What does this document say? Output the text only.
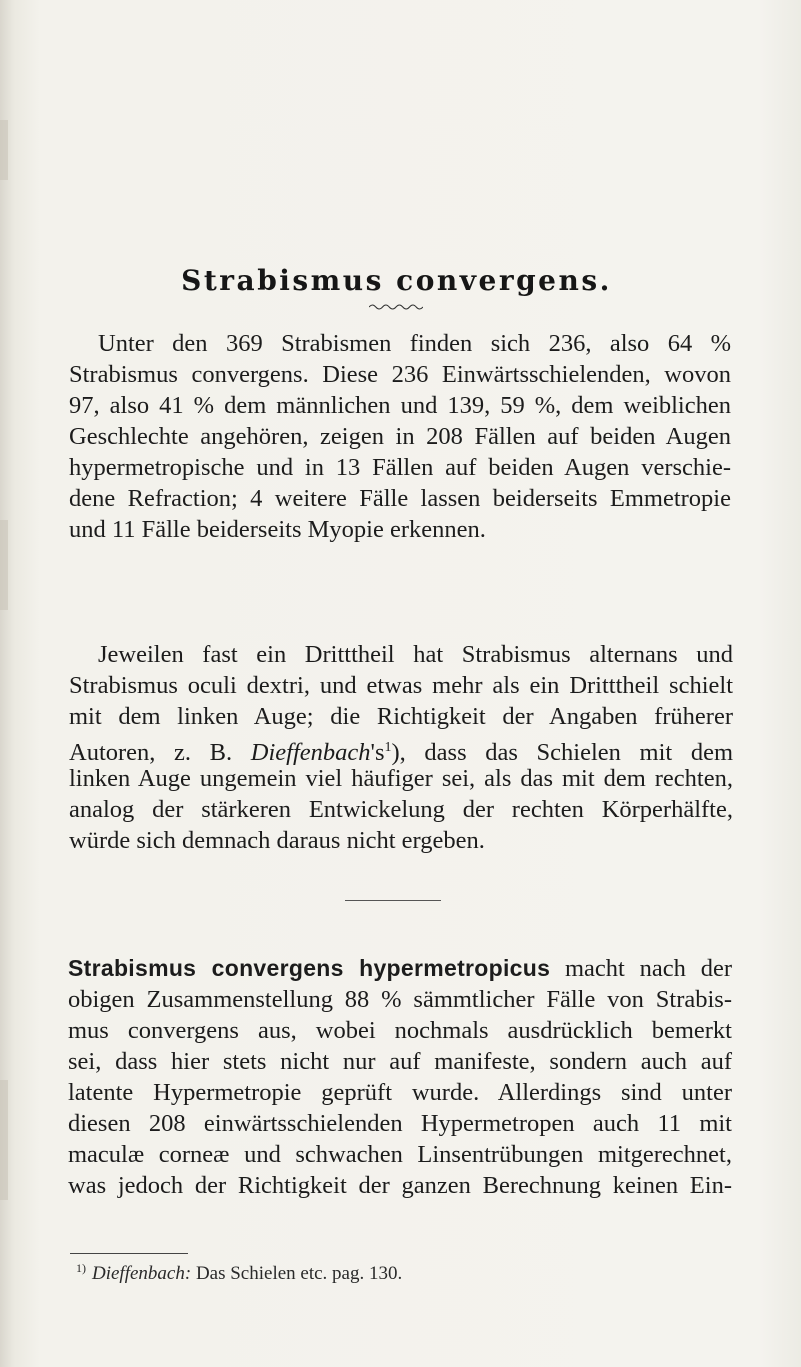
Strabismus convergens.
Unter den 369 Strabismen finden sich 236, also 64 %
Strabismus convergens. Diese 236 Einwärtsschielenden, wovon
97, also 41 % dem männlichen und 139, 59 %, dem weiblichen
Geschlechte angehören, zeigen in 208 Fällen auf beiden Augen
hypermetropische und in 13 Fällen auf beiden Augen verschie-
dene Refraction; 4 weitere Fälle lassen beiderseits Emmetropie
und 11 Fälle beiderseits Myopie erkennen.
Jeweilen fast ein Dritttheil hat Strabismus alternans und
Strabismus oculi dextri, und etwas mehr als ein Dritttheil schielt
mit dem linken Auge; die Richtigkeit der Angaben früherer
Autoren, z. B. $Dieffenbach's^1$), dass das Schielen mit dem
linken Auge ungemein viel häufiger sei, als das mit dem rechten,
analog der stärkeren Entwickelung der rechten Körperhälfte,
würde sich demnach daraus nicht ergeben.
Strabismus convergens hypermetropicus macht nach der
obigen Zusammenstellung 88 % sämmtlicher Fälle von Strabis-
mus convergens aus, wobei nochmals ausdrücklich bemerkt
sei, dass hier stets nicht nur auf manifeste, sondern auch auf
latente Hypermetropie geprüft wurde. Allerdings sind unter
diesen 208 einwärtsschielenden Hypermetropen auch 11 mit
maculæ corneæ und schwachen Linsentrübungen mitgerechnet,
was jedoch der Richtigkeit der ganzen Berechnung keinen Ein-
$^{1)}$ Dieffenbach: Das Schielen etc. pag. 130.
